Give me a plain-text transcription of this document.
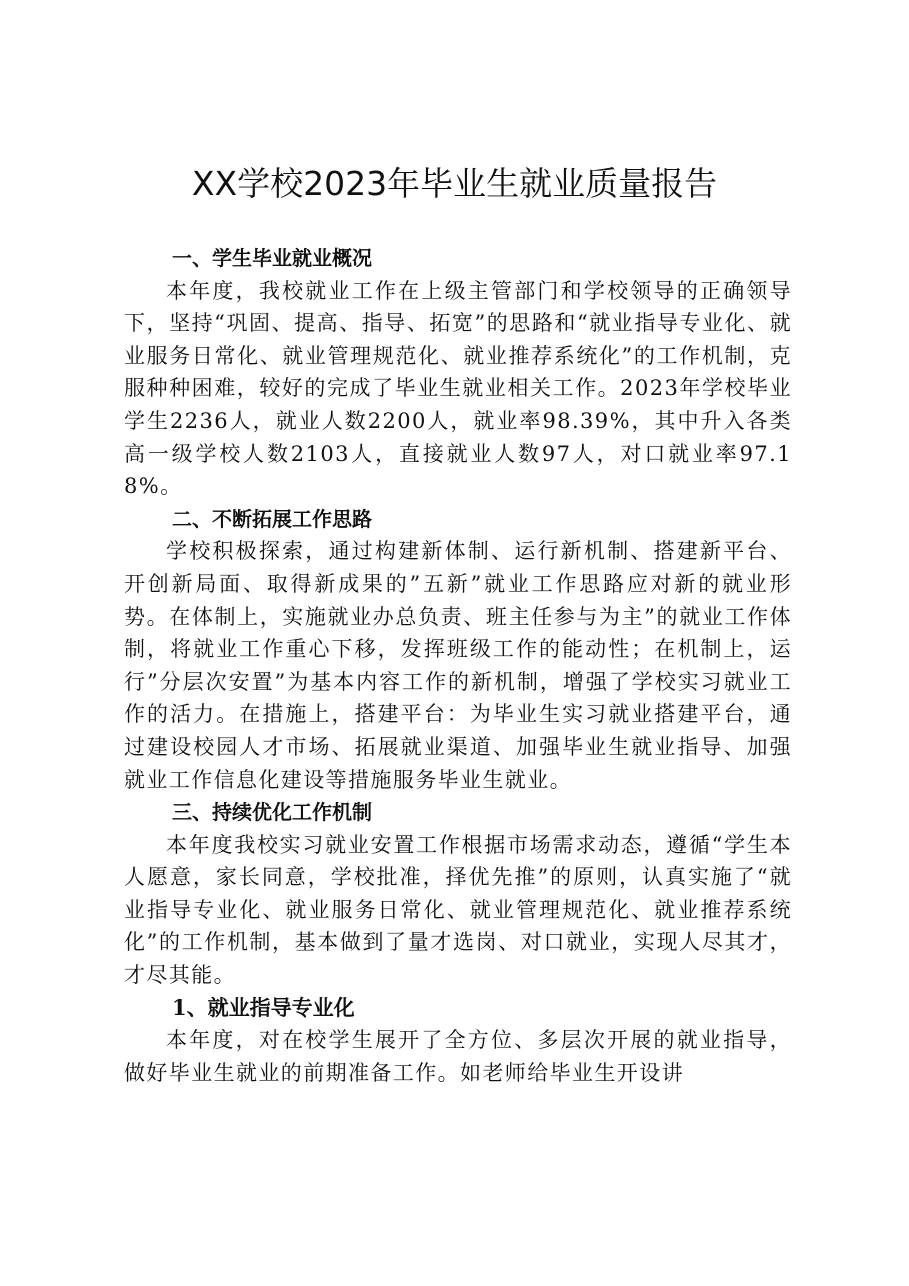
XX学校2023年毕业生就业质量报告
一、学生毕业就业概况

本年度，我校就业工作在上级主管部门和学校领导的正确领导下，坚持“巩固、提高、指导、拓宽”的思路和“就业指导专业化、就业服务日常化、就业管理规范化、就业推荐系统化”的工作机制，克服种种困难，较好的完成了毕业生就业相关工作。2023年学校毕业学生2236人，就业人数2200人，就业率98.39%，其中升入各类高一级学校人数2103人，直接就业人数97人，对口就业率97.18%。

二、不断拓展工作思路

学校积极探索，通过构建新体制、运行新机制、搭建新平台、开创新局面、取得新成果的”五新”就业工作思路应对新的就业形势。在体制上，实施就业办总负责、班主任参与为主”的就业工作体制，将就业工作重心下移，发挥班级工作的能动性；在机制上，运行”分层次安置”为基本内容工作的新机制，增强了学校实习就业工作的活力。在措施上，搭建平台：为毕业生实习就业搭建平台，通过建设校园人才市场、拓展就业渠道、加强毕业生就业指导、加强就业工作信息化建设等措施服务毕业生就业。

三、持续优化工作机制

本年度我校实习就业安置工作根据市场需求动态，遵循“学生本人愿意，家长同意，学校批准，择优先推”的原则，认真实施了“就业指导专业化、就业服务日常化、就业管理规范化、就业推荐系统化”的工作机制，基本做到了量才选岗、对口就业，实现人尽其才，才尽其能。

1、就业指导专业化

本年度，对在校学生展开了全方位、多层次开展的就业指导，做好毕业生就业的前期准备工作。如老师给毕业生开设讲
